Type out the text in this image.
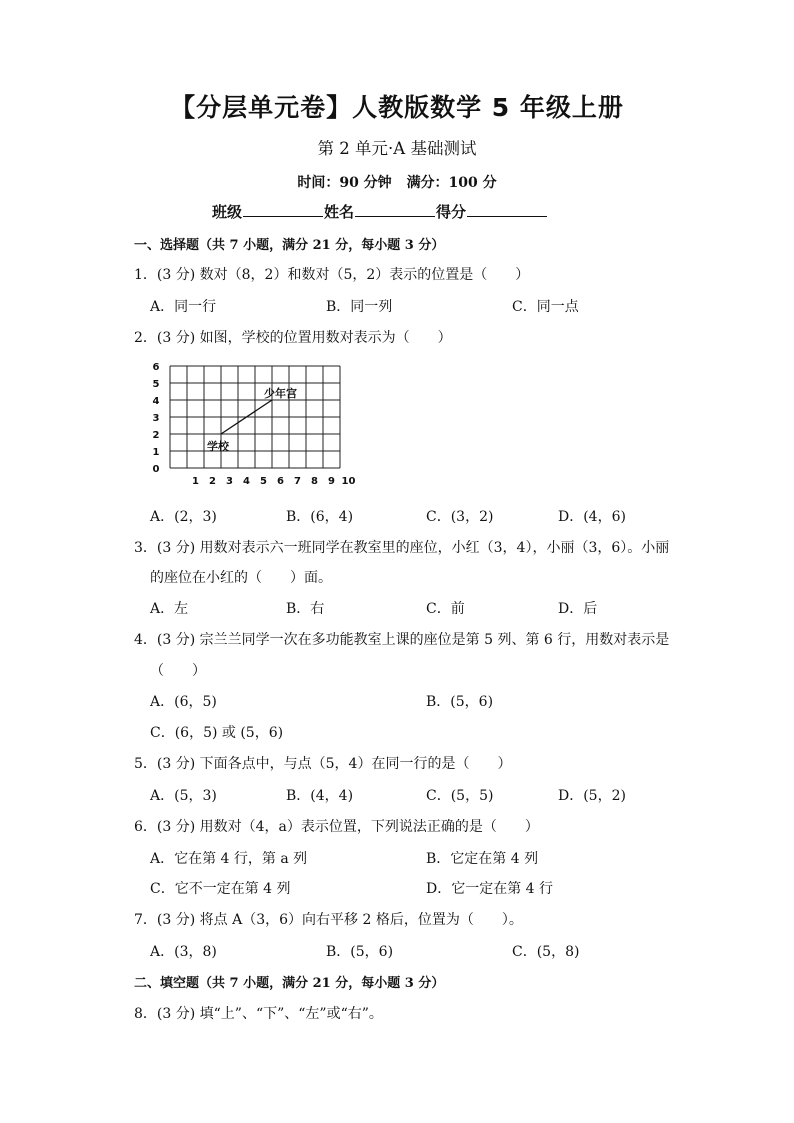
【分层单元卷】人教版数学 5 年级上册
第 2 单元·A 基础测试
时间：90 分钟 满分：100 分
班级	姓名	得分
一、选择题（共 7 小题，满分 21 分，每小题 3 分）
1．(3 分) 数对（8，2）和数对（5，2）表示的位置是（　　）
A．同一行	B．同一列	C．同一点
2．(3 分) 如图，学校的位置用数对表示为（　　）
6
5
4
3
2
1
0
1 2 3 4 5 6 7 8 9 10
学校
少年宫
A．(2，3)	B．(6，4)	C．(3，2)	D．(4，6)
3．(3 分) 用数对表示六一班同学在教室里的座位，小红（3，4），小丽（3，6）。小丽
的座位在小红的（　　）面。
A．左	B．右	C．前	D．后
4．(3 分) 宗兰兰同学一次在多功能教室上课的座位是第 5 列、第 6 行，用数对表示是
（　　）
A．(6，5)	B．(5，6)
C．(6，5) 或 (5，6)
5．(3 分) 下面各点中，与点（5，4）在同一行的是（　　）
A．(5，3)	B．(4，4)	C．(5，5)	D．(5，2)
6．(3 分) 用数对（4，a）表示位置，下列说法正确的是（　　）
A．它在第 4 行，第 a 列	B．它定在第 4 列
C．它不一定在第 4 列	D．它一定在第 4 行
7．(3 分) 将点 A（3，6）向右平移 2 格后，位置为（　　）。
A．(3，8)	B．(5，6)	C．(5，8)
二、填空题（共 7 小题，满分 21 分，每小题 3 分）
8．(3 分) 填“上”、“下”、“左”或“右”。
